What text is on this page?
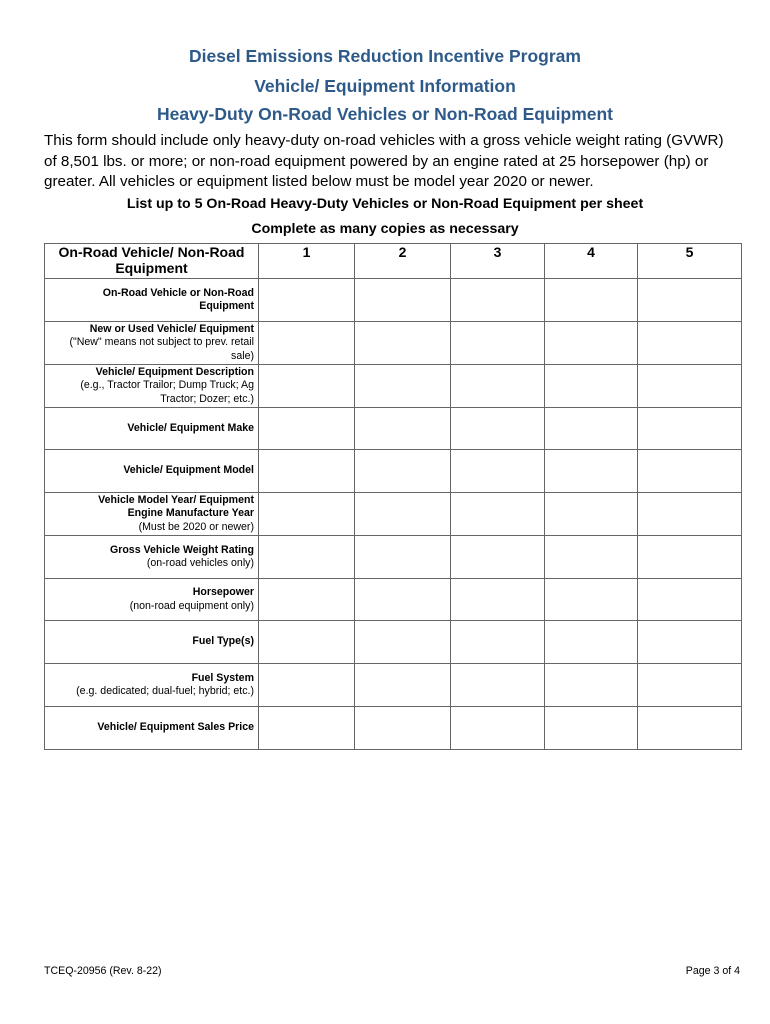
Diesel Emissions Reduction Incentive Program
Vehicle/ Equipment Information
Heavy-Duty On-Road Vehicles or Non-Road Equipment
This form should include only heavy-duty on-road vehicles with a gross vehicle weight rating (GVWR)
of 8,501 lbs. or more; or non-road equipment powered by an engine rated at 25 horsepower (hp) or
greater. All vehicles or equipment listed below must be model year 2020 or newer.
List up to 5 On-Road Heavy-Duty Vehicles or Non-Road Equipment per sheet
Complete as many copies as necessary
On-Road Vehicle/ Non-Road
Equipment	1	2	3	4	5

On-Road Vehicle or Non-Road
Equipment					

New or Used Vehicle/ Equipment
("New" means not subject to prev. retail
sale)					

Vehicle/ Equipment Description
(e.g., Tractor Trailor; Dump Truck; Ag
Tractor; Dozer; etc.)					

Vehicle/ Equipment Make					

Vehicle/ Equipment Model					

Vehicle Model Year/ Equipment
Engine Manufacture Year
(Must be 2020 or newer)					

Gross Vehicle Weight Rating
(on-road vehicles only)					

Horsepower
(non-road equipment only)					

Fuel Type(s)					

Fuel System
(e.g. dedicated; dual-fuel; hybrid; etc.)					

Vehicle/ Equipment Sales Price					

TCEQ-20956 (Rev. 8-22)	Page 3 of 4
